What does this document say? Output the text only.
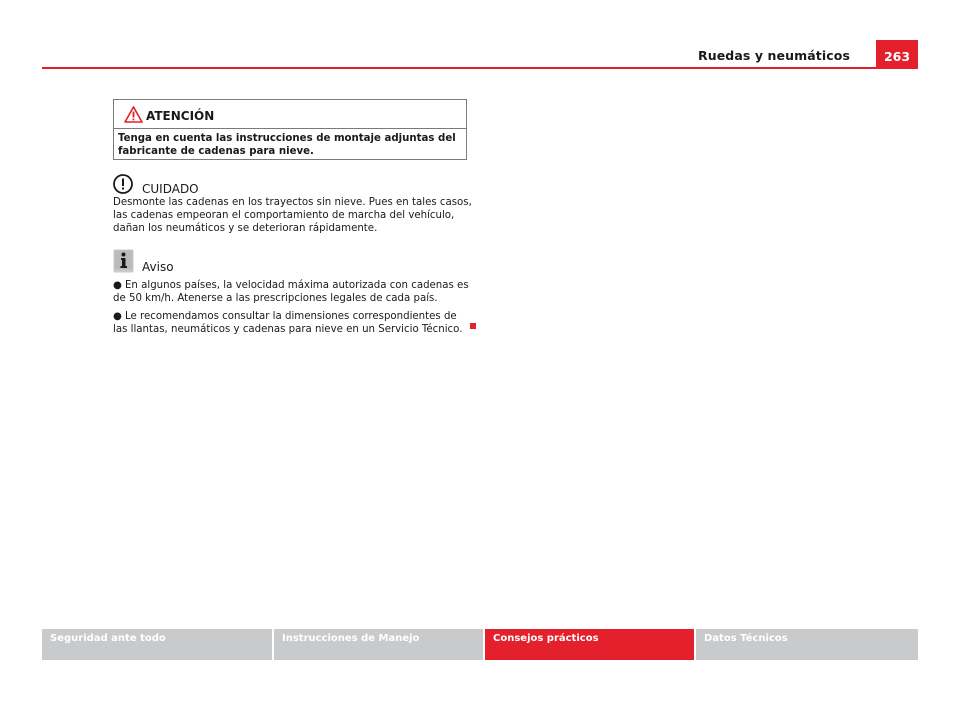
Ruedas y neumáticos	263
ATENCIÓN
Tenga en cuenta las instrucciones de montaje adjuntas del fabricante de cadenas para nieve.
CUIDADO

Desmonte las cadenas en los trayectos sin nieve. Pues en tales casos, las cadenas empeoran el comportamiento de marcha del vehículo, dañan los neumáticos y se deterioran rápidamente.

Aviso

● En algunos países, la velocidad máxima autorizada con cadenas es de 50 km/h. Atenerse a las prescripciones legales de cada país.

● Le recomendamos consultar la dimensiones correspondientes de las llantas, neumáticos y cadenas para nieve en un Servicio Técnico.

Seguridad ante todo	Instrucciones de Manejo	Consejos prácticos	Datos Técnicos
